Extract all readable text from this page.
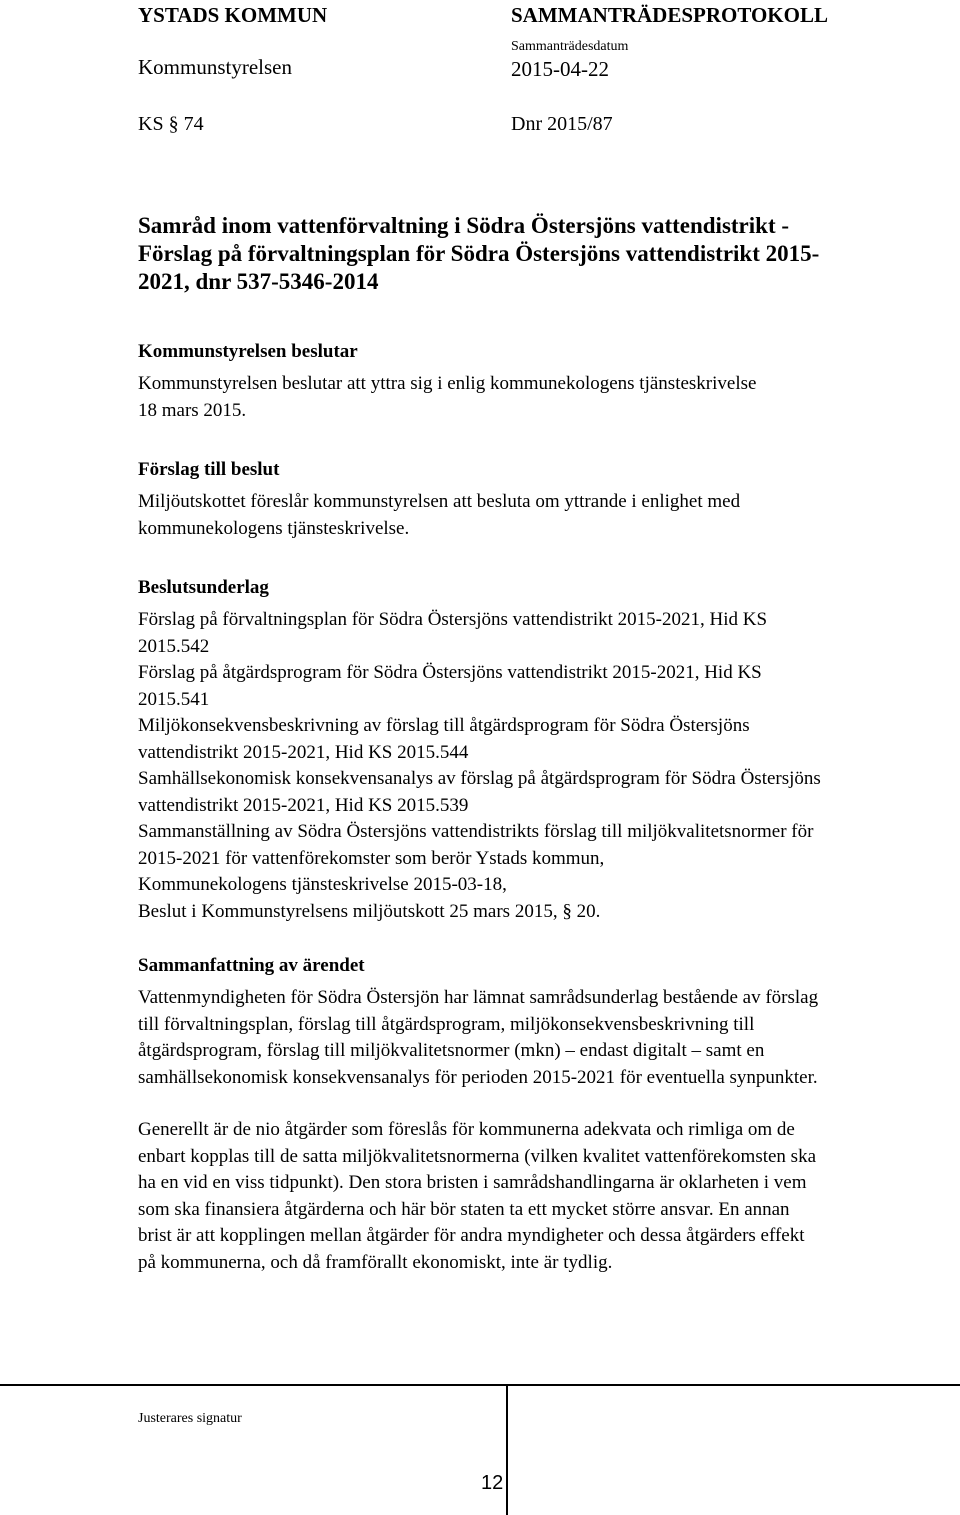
YSTADS KOMMUN	SAMMANTRÄDESPROTOKOLL
Kommunstyrelsen
Sammanträdesdatum
2015-04-22
KS § 74	Dnr 2015/87
Samråd inom vattenförvaltning i Södra Östersjöns vattendistrikt -
Förslag på förvaltningsplan för Södra Östersjöns vattendistrikt 2015-
2021, dnr 537-5346-2014
Kommunstyrelsen beslutar
Kommunstyrelsen beslutar att yttra sig i enlig kommunekologens tjänsteskrivelse
18 mars 2015.
Förslag till beslut
Miljöutskottet föreslår kommunstyrelsen att besluta om yttrande i enlighet med
kommunekologens tjänsteskrivelse.
Beslutsunderlag
Förslag på förvaltningsplan för Södra Östersjöns vattendistrikt 2015-2021, Hid KS
2015.542
Förslag på åtgärdsprogram för Södra Östersjöns vattendistrikt 2015-2021, Hid KS
2015.541
Miljökonsekvensbeskrivning av förslag till åtgärdsprogram för Södra Östersjöns
vattendistrikt 2015-2021, Hid KS 2015.544
Samhällsekonomisk konsekvensanalys av förslag på åtgärdsprogram för Södra Östersjöns
vattendistrikt 2015-2021, Hid KS 2015.539
Sammanställning av Södra Östersjöns vattendistrikts förslag till miljökvalitetsnormer för
2015-2021 för vattenförekomster som berör Ystads kommun,
Kommunekologens tjänsteskrivelse 2015-03-18,
Beslut i Kommunstyrelsens miljöutskott 25 mars 2015, § 20.
Sammanfattning av ärendet
Vattenmyndigheten för Södra Östersjön har lämnat samrådsunderlag bestående av förslag
till förvaltningsplan, förslag till åtgärdsprogram, miljökonsekvensbeskrivning till
åtgärdsprogram, förslag till miljökvalitetsnormer (mkn) – endast digitalt – samt en
samhällsekonomisk konsekvensanalys för perioden 2015-2021 för eventuella synpunkter.
Generellt är de nio åtgärder som föreslås för kommunerna adekvata och rimliga om de
enbart kopplas till de satta miljökvalitetsnormerna (vilken kvalitet vattenförekomsten ska
ha en vid en viss tidpunkt). Den stora bristen i samrådshandlingarna är oklarheten i vem
som ska finansiera åtgärderna och här bör staten ta ett mycket större ansvar. En annan
brist är att kopplingen mellan åtgärder för andra myndigheter och dessa åtgärders effekt
på kommunerna, och då framförallt ekonomiskt, inte är tydlig.
Justerares signatur
12
